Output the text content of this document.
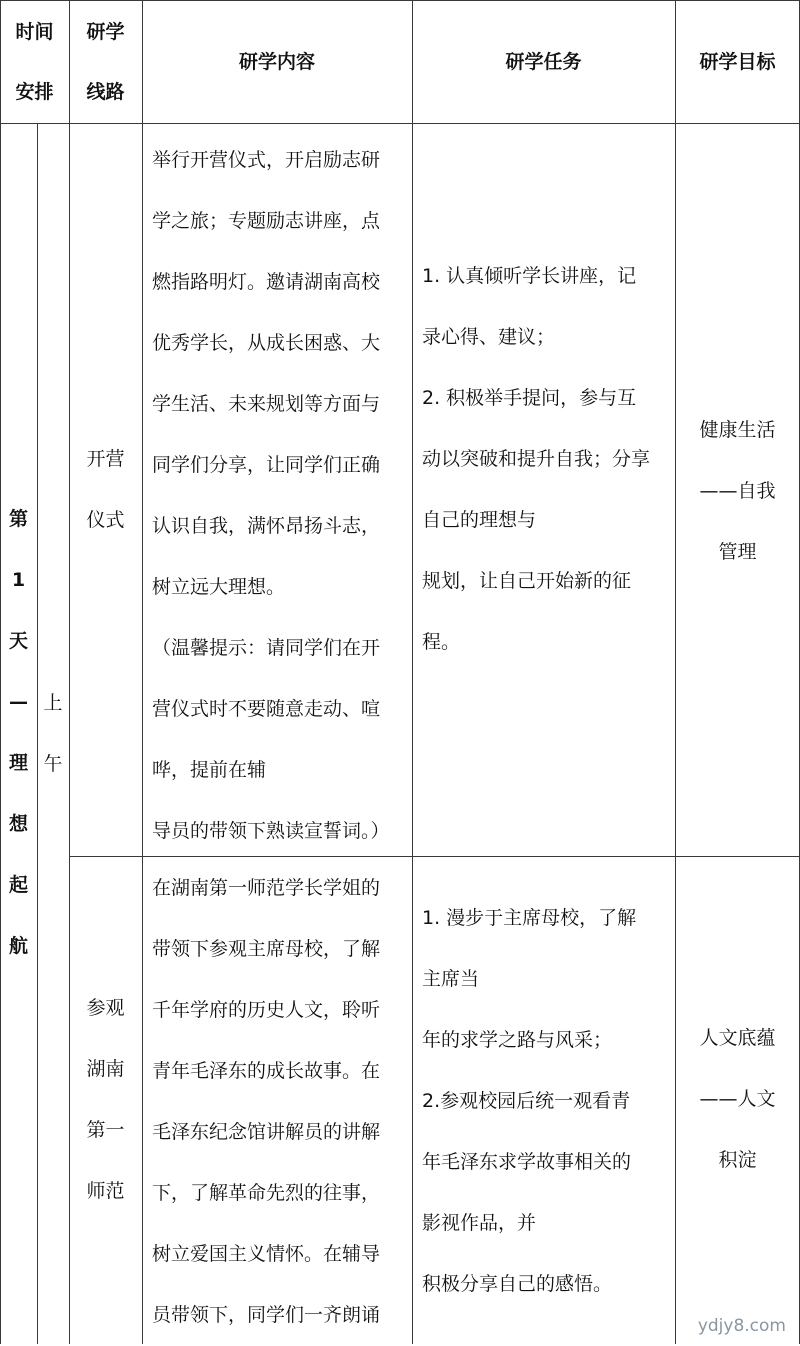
时间
安排
研学
线路
研学内容	研学任务	研学目标
第
1
天
—
理
想
起
航
上
午
开营
仪式
举行开营仪式，开启励志研
学之旅；专题励志讲座，点
燃指路明灯。邀请湖南高校
优秀学长，从成长困惑、大
学生活、未来规划等方面与
同学们分享，让同学们正确
认识自我，满怀昂扬斗志，
树立远大理想。
（温馨提示：请同学们在开
营仪式时不要随意走动、喧
哗，提前在辅
导员的带领下熟读宣誓词。）
1. 认真倾听学长讲座，记
录心得、建议；
2. 积极举手提问，参与互
动以突破和提升自我；分享
自己的理想与
规划，让自己开始新的征
程。
健康生活
——自我
管理
参观
湖南
第一
师范
在湖南第一师范学长学姐的
带领下参观主席母校，了解
千年学府的历史人文，聆听
青年毛泽东的成长故事。在
毛泽东纪念馆讲解员的讲解
下，了解革命先烈的往事，
树立爱国主义情怀。在辅导
员带领下，同学们一齐朗诵
1. 漫步于主席母校，了解
主席当
年的求学之路与风采；
2.参观校园后统一观看青
年毛泽东求学故事相关的
影视作品，并
积极分享自己的感悟。
人文底蕴
——人文
积淀
ydjy8.com
